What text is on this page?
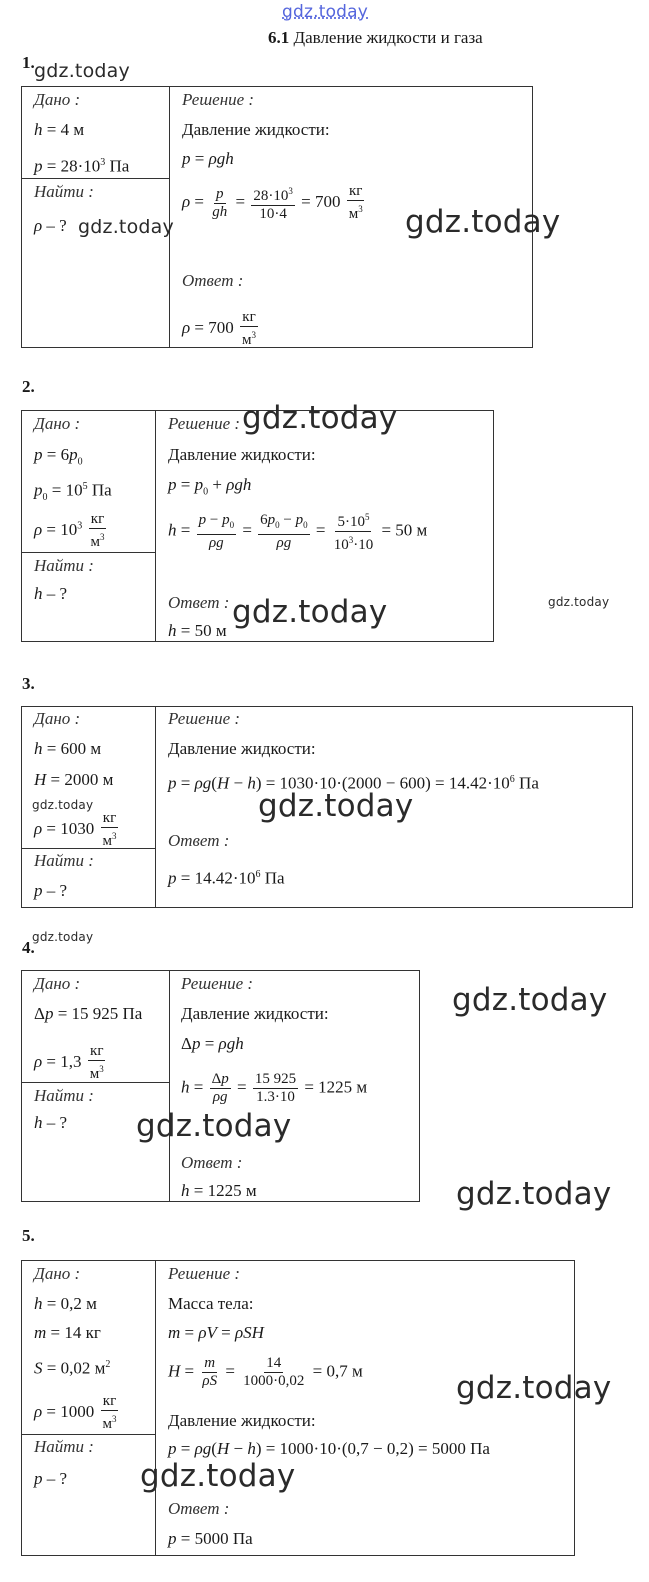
gdz.today
6.1 Давление жидкости и газа
1. gdz.today
Дано :
h = 4 м
$p = 28\cdot 10^3$ Па
Найти :
ρ – ?
Решение :
Давление жидкости:
p = ρgh
$\rho = \frac{p}{gh} = \frac{28\cdot 10^3}{10\cdot 4} = 700 \frac{кг}{м^3}$
Ответ :
$\rho = 700 \frac{кг}{м^3}$
gdz.today	gdz.today
2.
Дано :
$p = 6p_0$
$p_0 = 10^5$ Па
$\rho = 10^3 \frac{кг}{м^3}$
Найти :
h – ?
Решение :
Давление жидкости:
$p = p_0 + \rho gh$
$h = \frac{p - p_0}{\rho g} = \frac{6p_0 - p_0}{\rho g} = \frac{5\cdot 10^5}{10^3\cdot 10} = 50$ м
Ответ :
h = 50 м
gdz.today
gdz.today	gdz.today
3.
Дано :
h = 600 м
H = 2000 м
$\rho = 1030 \frac{кг}{м^3}$
Найти :
p – ?
Решение :
Давление жидкости:
$p = \rho g(H - h) = 1030\cdot 10\cdot(2000 - 600) = 14.42\cdot 10^6$ Па
Ответ :
$p = 14.42\cdot 10^6$ Па
gdz.today	gdz.today
4.
gdz.today
Дано :
Δp = 15 925 Па
$\rho = 1,3 \frac{кг}{м^3}$
Найти :
h – ?
Решение :
Давление жидкости:
Δp = ρgh
$h = \frac{\Delta p}{\rho g} = \frac{15 925}{1.3\cdot 10} = 1225$ м
Ответ :
h = 1225 м
gdz.today
gdz.today
gdz.today
5.
Дано :
h = 0,2 м
m = 14 кг
S = 0,02 $м^2$
$\rho = 1000 \frac{кг}{м^3}$
Найти :
p – ?
Решение :
Масса тела:
m = ρV = ρSH
$H = \frac{m}{\rho S} = \frac{14}{1000\cdot 0,02} = 0,7$ м
Давление жидкости:
p = ρg(H − h) = 1000·10·(0,7 − 0,2) = 5000 Па
Ответ :
p = 5000 Па
gdz.today
gdz.today
